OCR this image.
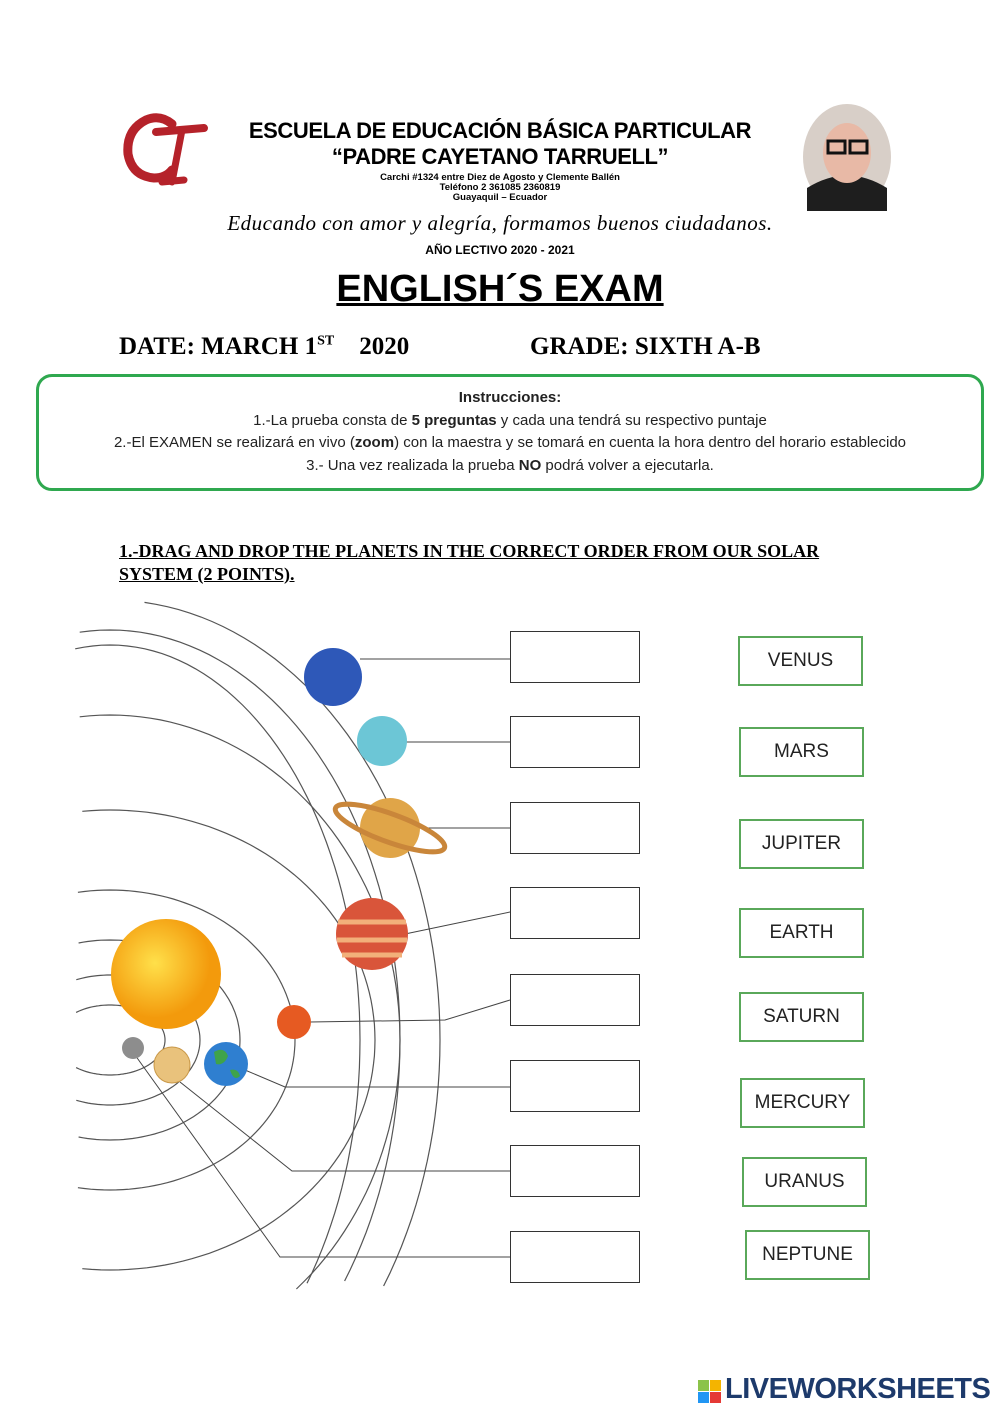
ESCUELA DE EDUCACIÓN BÁSICA PARTICULAR
“PADRE CAYETANO TARRUELL”
Carchi #1324 entre Diez de Agosto y Clemente Ballén
Teléfono 2 361085 2360819
Guayaquil – Ecuador
Educando con amor y alegría, formamos buenos ciudadanos.
AÑO LECTIVO 2020 - 2021
ENGLISH´S EXAM
DATE: MARCH 1ST 2020	GRADE: SIXTH A-B
Instrucciones:
1.-La prueba consta de 5 preguntas y cada una tendrá su respectivo puntaje
2.-El EXAMEN se realizará en vivo (zoom) con la maestra y se tomará en cuenta la hora dentro del horario establecido
3.- Una vez realizada la prueba NO podrá volver a ejecutarla.
1.-DRAG AND DROP THE PLANETS IN THE CORRECT ORDER FROM OUR SOLAR SYSTEM (2 POINTS).
VENUS
MARS
JUPITER
EARTH
SATURN
MERCURY
URANUS
NEPTUNE
LIVEWORKSHEETS
